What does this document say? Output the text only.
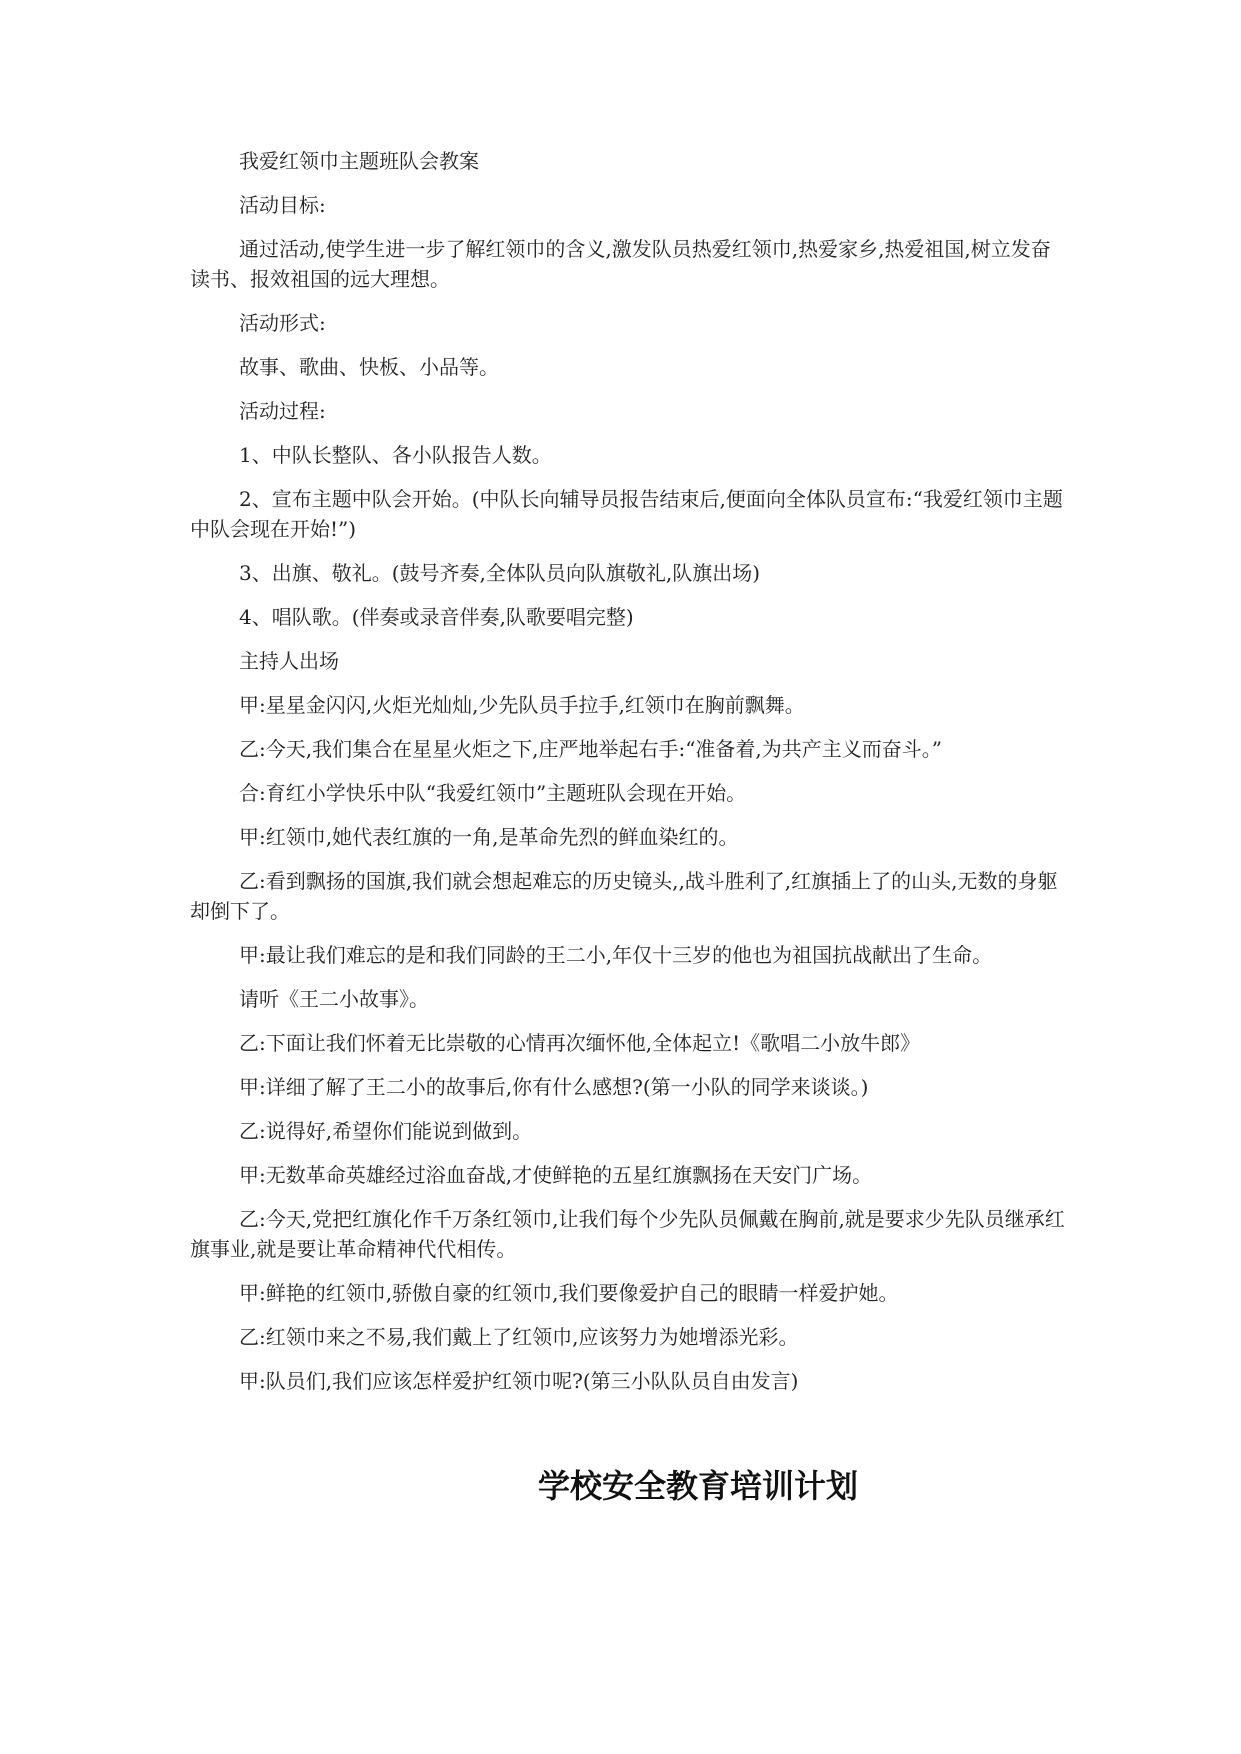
我爱红领巾主题班队会教案

活动目标:

通过活动,使学生进一步了解红领巾的含义,激发队员热爱红领巾,热爱家乡,热爱祖国,树立发奋读书、报效祖国的远大理想。

活动形式:

故事、歌曲、快板、小品等。

活动过程:

1、中队长整队、各小队报告人数。

2、宣布主题中队会开始。(中队长向辅导员报告结束后,便面向全体队员宣布:“我爱红领巾主题中队会现在开始!”)

3、出旗、敬礼。(鼓号齐奏,全体队员向队旗敬礼,队旗出场)

4、唱队歌。(伴奏或录音伴奏,队歌要唱完整)

主持人出场

甲:星星金闪闪,火炬光灿灿,少先队员手拉手,红领巾在胸前飘舞。

乙:今天,我们集合在星星火炬之下,庄严地举起右手:“准备着,为共产主义而奋斗。”

合:育红小学快乐中队“我爱红领巾”主题班队会现在开始。

甲:红领巾,她代表红旗的一角,是革命先烈的鲜血染红的。

乙:看到飘扬的国旗,我们就会想起难忘的历史镜头,,战斗胜利了,红旗插上了的山头,无数的身躯却倒下了。

甲:最让我们难忘的是和我们同龄的王二小,年仅十三岁的他也为祖国抗战献出了生命。

请听《王二小故事》。

乙:下面让我们怀着无比崇敬的心情再次缅怀他,全体起立!《歌唱二小放牛郎》

甲:详细了解了王二小的故事后,你有什么感想?(第一小队的同学来谈谈。)

乙:说得好,希望你们能说到做到。

甲:无数革命英雄经过浴血奋战,才使鲜艳的五星红旗飘扬在天安门广场。

乙:今天,党把红旗化作千万条红领巾,让我们每个少先队员佩戴在胸前,就是要求少先队员继承红旗事业,就是要让革命精神代代相传。

甲:鲜艳的红领巾,骄傲自豪的红领巾,我们要像爱护自己的眼睛一样爱护她。

乙:红领巾来之不易,我们戴上了红领巾,应该努力为她增添光彩。

甲:队员们,我们应该怎样爱护红领巾呢?(第三小队队员自由发言)

学校安全教育培训计划
